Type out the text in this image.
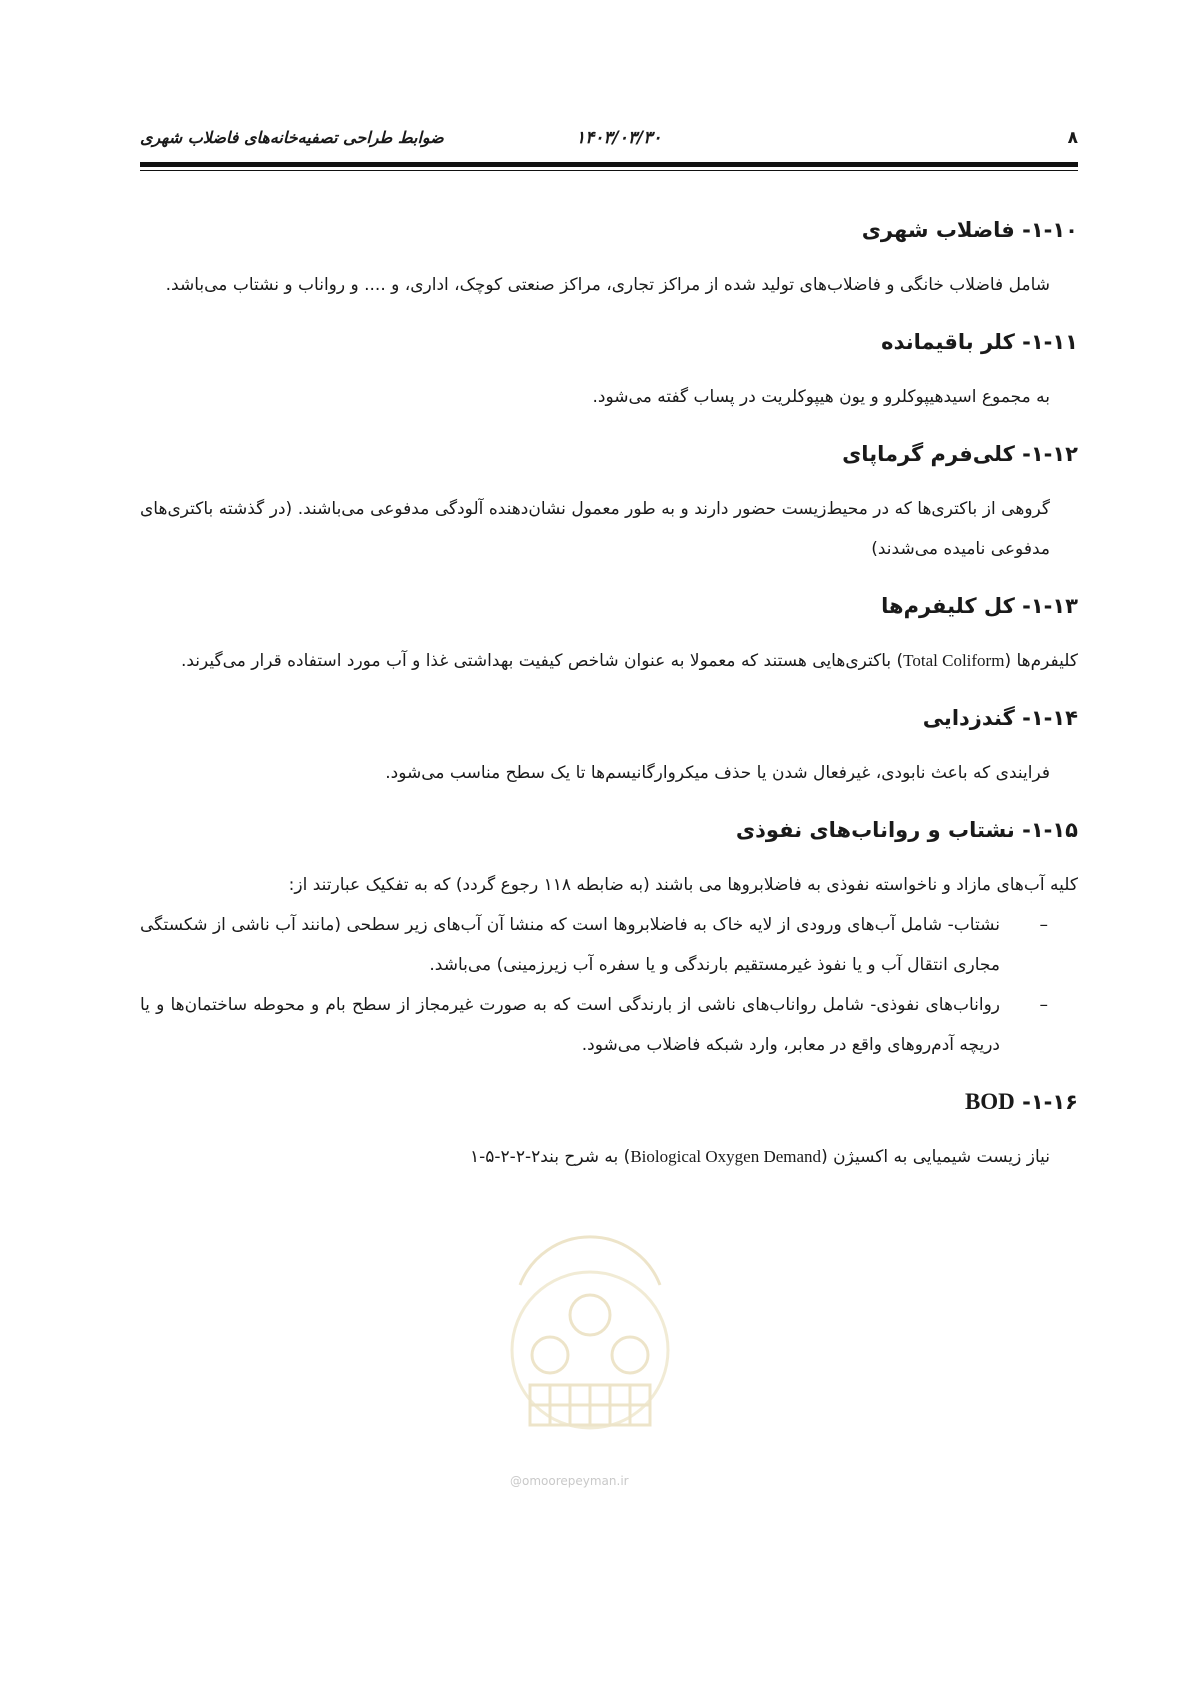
۸
۱۴۰۳/۰۳/۳۰
ضوابط طراحی تصفیه‌خانه‌های فاضلاب شهری
۱-۱۰- فاضلاب شهری

شامل فاضلاب خانگی و فاضلاب‌های تولید شده از مراکز تجاری، مراکز صنعتی کوچک، اداری، و .... و رواناب و نشتاب می‌باشد.

۱-۱۱- کلر باقیمانده

به مجموع اسیدهیپوکلرو و یون هیپوکلریت در پساب گفته می‌شود.

۱-۱۲- کلی‌فرم گرماپای

گروهی از باکتری‌ها که در محیط‌زیست حضور دارند و به طور معمول نشان‌دهنده آلودگی مدفوعی می‌باشند. (در گذشته باکتری‌های مدفوعی نامیده می‌شدند)

۱-۱۳- کل کلیفرم‌ها

کلیفرم‌ها (Total Coliform) باکتری‌هایی هستند که معمولا به عنوان شاخص کیفیت بهداشتی غذا و آب مورد استفاده قرار می‌گیرند.

۱-۱۴- گندزدایی

فرایندی که باعث نابودی، غیرفعال شدن یا حذف میکروارگانیسم‌ها تا یک سطح مناسب می‌شود.

۱-۱۵- نشتاب و رواناب‌های نفوذی

کلیه آب‌های مازاد و ناخواسته نفوذی به فاضلابروها می باشند (به ضابطه ۱۱۸ رجوع گردد) که به تفکیک عبارتند از:

–
نشتاب- شامل آب‌های ورودی از لایه خاک به فاضلابروها است که منشا آن آب‌های زیر سطحی (مانند آب ناشی از شکستگی مجاری انتقال آب و یا نفوذ غیرمستقیم بارندگی و یا سفره آب زیرزمینی) می‌باشد.
–
رواناب‌های نفوذی- شامل رواناب‌های ناشی از بارندگی است که به صورت غیرمجاز از سطح بام و محوطه ساختمان‌ها و یا دریچه آدم‌روهای واقع در معابر، وارد شبکه فاضلاب می‌شود.
۱-۱۶- BOD

نیاز زیست شیمیایی به اکسیژن (Biological Oxygen Demand) به شرح بند۲-۲-۲-۵-۱

@omoorepeyman.ir
